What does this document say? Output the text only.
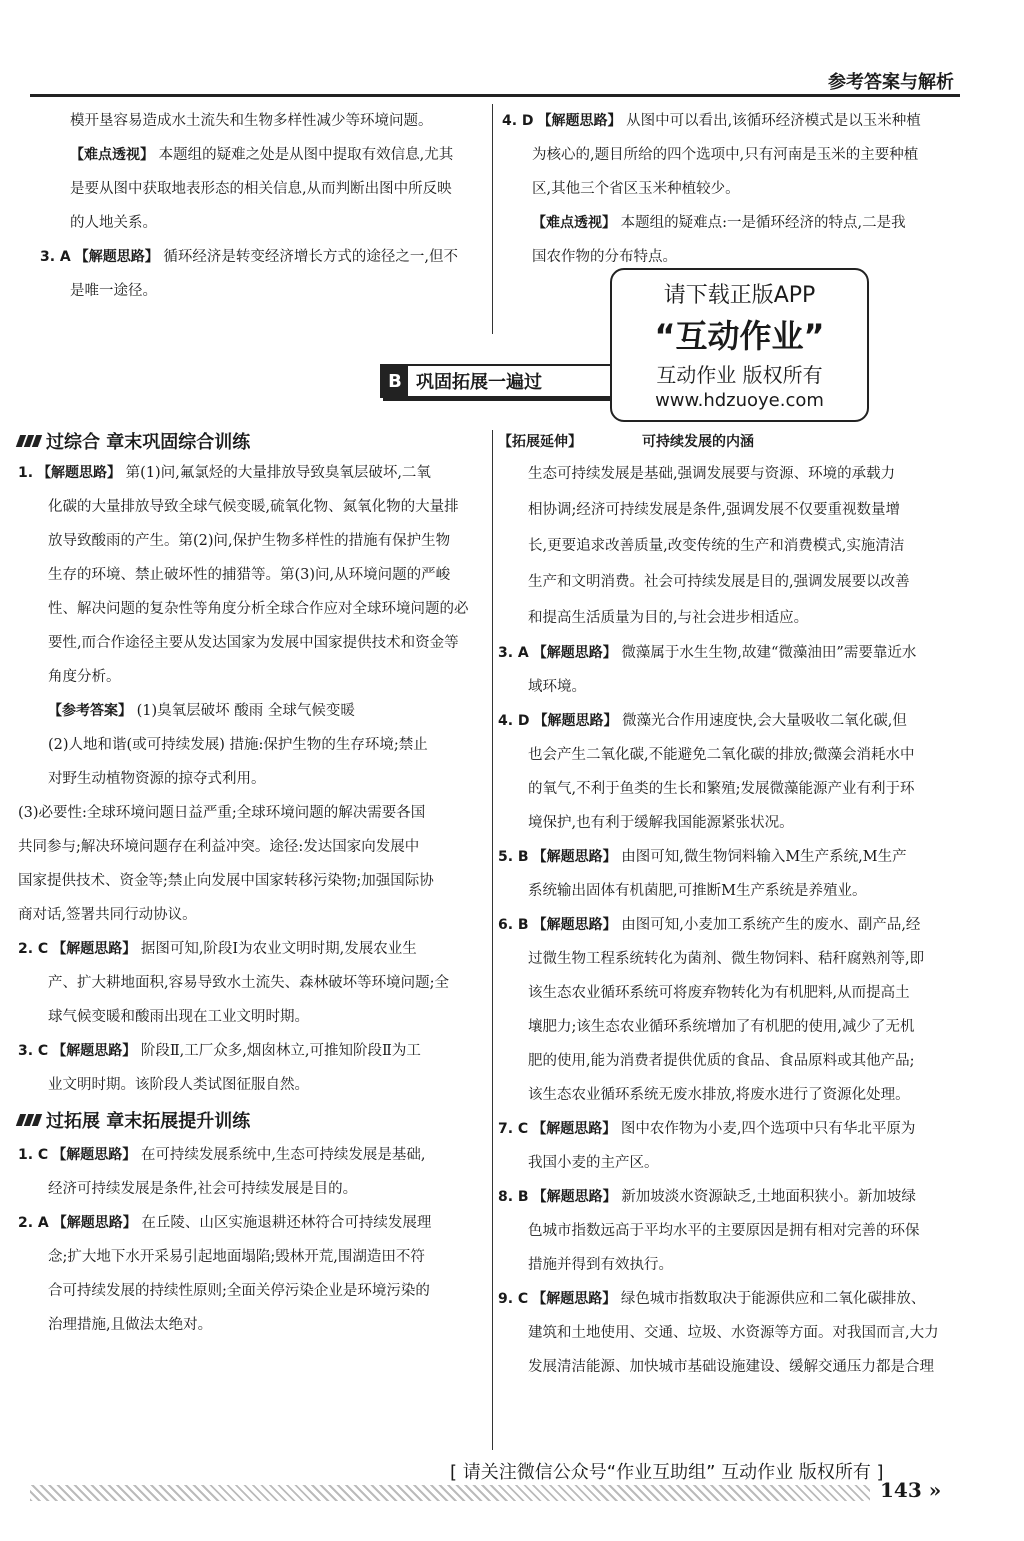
参考答案与解析

模开垦容易造成水土流失和生物多样性减少等环境问题。

【难点透视】 本题组的疑难之处是从图中提取有效信息,尤其

是要从图中获取地表形态的相关信息,从而判断出图中所反映

的人地关系。

3. A 【解题思路】 循环经济是转变经济增长方式的途径之一,但不

是唯一途径。

4. D 【解题思路】 从图中可以看出,该循环经济模式是以玉米种植

为核心的,题目所给的四个选项中,只有河南是玉米的主要种植

区,其他三个省区玉米种植较少。

【难点透视】 本题组的疑难点:一是循环经济的特点,二是我

国农作物的分布特点。

B 巩固拓展一遍过
请下载正版APP
“互动作业”
互动作业 版权所有
www.hdzuoye.com
过综合 章末巩固综合训练

1. 【解题思路】 第(1)问,氟氯烃的大量排放导致臭氧层破坏,二氧

化碳的大量排放导致全球气候变暖,硫氧化物、氮氧化物的大量排

放导致酸雨的产生。第(2)问,保护生物多样性的措施有保护生物

生存的环境、禁止破坏性的捕猎等。第(3)问,从环境问题的严峻

性、解决问题的复杂性等角度分析全球合作应对全球环境问题的必

要性,而合作途径主要从发达国家为发展中国家提供技术和资金等

角度分析。

【参考答案】 (1)臭氧层破坏 酸雨 全球气候变暖

(2)人地和谐(或可持续发展) 措施:保护生物的生存环境;禁止

对野生动植物资源的掠夺式利用。

(3)必要性:全球环境问题日益严重;全球环境问题的解决需要各国

共同参与;解决环境问题存在利益冲突。途径:发达国家向发展中

国家提供技术、资金等;禁止向发展中国家转移污染物;加强国际协

商对话,签署共同行动协议。

2. C 【解题思路】 据图可知,阶段Ⅰ为农业文明时期,发展农业生

产、扩大耕地面积,容易导致水土流失、森林破坏等环境问题;全

球气候变暖和酸雨出现在工业文明时期。

3. C 【解题思路】 阶段Ⅱ,工厂众多,烟囱林立,可推知阶段Ⅱ为工

业文明时期。该阶段人类试图征服自然。

过拓展 章末拓展提升训练

1. C 【解题思路】 在可持续发展系统中,生态可持续发展是基础,

经济可持续发展是条件,社会可持续发展是目的。

2. A 【解题思路】 在丘陵、山区实施退耕还林符合可持续发展理

念;扩大地下水开采易引起地面塌陷;毁林开荒,围湖造田不符

合可持续发展的持续性原则;全面关停污染企业是环境污染的

治理措施,且做法太绝对。

【拓展延伸】	可持续发展的内涵

生态可持续发展是基础,强调发展要与资源、环境的承载力

相协调;经济可持续发展是条件,强调发展不仅要重视数量增

长,更要追求改善质量,改变传统的生产和消费模式,实施清洁

生产和文明消费。社会可持续发展是目的,强调发展要以改善

和提高生活质量为目的,与社会进步相适应。

3. A 【解题思路】 微藻属于水生生物,故建“微藻油田”需要靠近水

域环境。

4. D 【解题思路】 微藻光合作用速度快,会大量吸收二氧化碳,但

也会产生二氧化碳,不能避免二氧化碳的排放;微藻会消耗水中

的氧气,不利于鱼类的生长和繁殖;发展微藻能源产业有利于环

境保护,也有利于缓解我国能源紧张状况。

5. B 【解题思路】 由图可知,微生物饲料输入M生产系统,M生产

系统输出固体有机菌肥,可推断M生产系统是养殖业。

6. B 【解题思路】 由图可知,小麦加工系统产生的废水、副产品,经

过微生物工程系统转化为菌剂、微生物饲料、秸秆腐熟剂等,即

该生态农业循环系统可将废弃物转化为有机肥料,从而提高土

壤肥力;该生态农业循环系统增加了有机肥的使用,减少了无机

肥的使用,能为消费者提供优质的食品、食品原料或其他产品;

该生态农业循环系统无废水排放,将废水进行了资源化处理。

7. C 【解题思路】 图中农作物为小麦,四个选项中只有华北平原为

我国小麦的主产区。

8. B 【解题思路】 新加坡淡水资源缺乏,土地面积狭小。新加坡绿

色城市指数远高于平均水平的主要原因是拥有相对完善的环保

措施并得到有效执行。

9. C 【解题思路】 绿色城市指数取决于能源供应和二氧化碳排放、

建筑和土地使用、交通、垃圾、水资源等方面。对我国而言,大力

发展清洁能源、加快城市基础设施建设、缓解交通压力都是合理

[ 请关注微信公众号“作业互助组” 互动作业 版权所有 ]
143 »
